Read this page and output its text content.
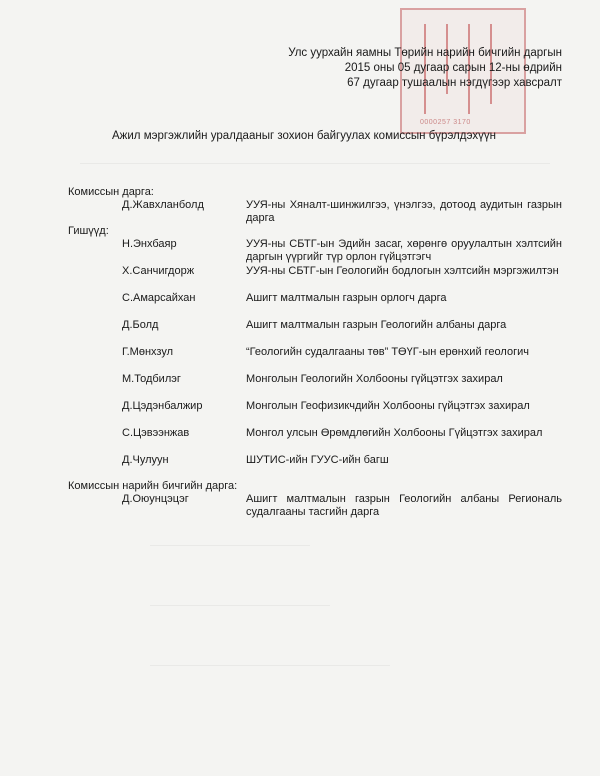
0000257 3170
Улс уурхайн яамны Төрийн нарийн бичгийн даргын
2015 оны 05 дугаар сарын 12-ны өдрийн
67 дугаар тушаалын нэгдүгээр хавсралт
Ажил мэргэжлийн уралдааныг зохион байгуулах комиссын бүрэлдэхүүн
———————————————————————————————————————————————
————————————————
——————————————————
————————————————————————
Комиссын дарга:
Д.Жавхланболд	УУЯ-ны Хяналт-шинжилгээ, үнэлгээ, дотоод аудитын газрын дарга
Гишүүд:
Н.Энхбаяр	УУЯ-ны СБТГ-ын Эдийн засаг, хөрөнгө оруулалтын хэлтсийн даргын үүргийг түр орлон гүйцэтгэгч
Х.Санчигдорж	УУЯ-ны СБТГ-ын Геологийн бодлогын хэлтсийн мэргэжилтэн
С.Амарсайхан	Ашигт малтмалын газрын орлогч дарга
Д.Болд	Ашигт малтмалын газрын Геологийн албаны дарга
Г.Мөнхзул	“Геологийн судалгааны төв” ТӨҮГ-ын ерөнхий геологич
М.Тодбилэг	Монголын Геологийн Холбооны гүйцэтгэх захирал
Д.Цэдэнбалжир	Монголын Геофизикчдийн Холбооны гүйцэтгэх захирал
С.Цэвээнжав	Монгол улсын Өрөмдлөгийн Холбооны Гүйцэтгэх захирал
Д.Чулуун	ШУТИС-ийн ГУУС-ийн багш
Комиссын нарийн бичгийн дарга:
Д.Оюунцэцэг	Ашигт малтмалын газрын Геологийн албаны Региональ судалгааны тасгийн дарга
